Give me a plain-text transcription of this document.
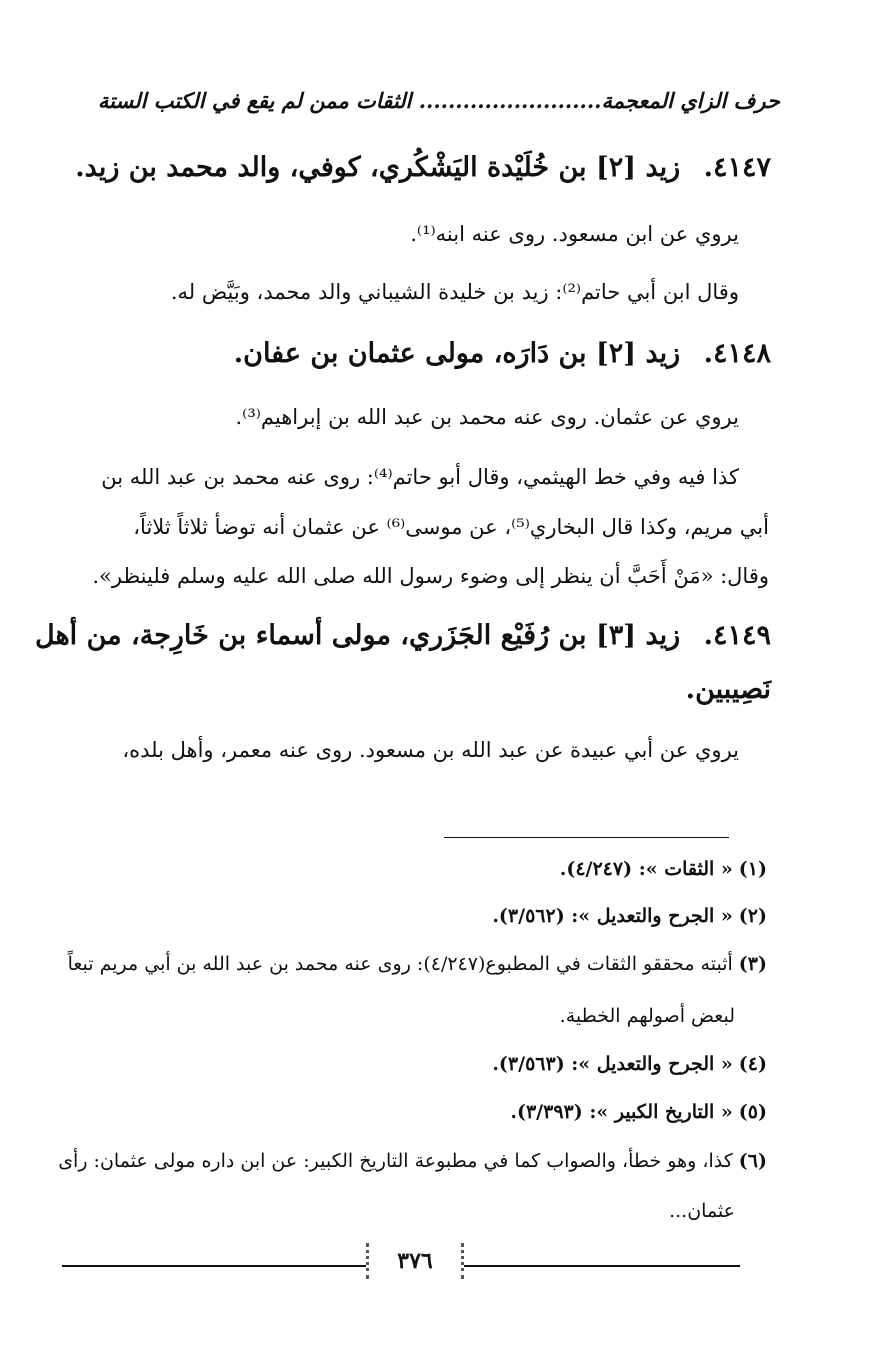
حرف الزاي المعجمة......................... الثقات ممن لم يقع في الكتب الستة
٤١٤٧. زيد [٢] بن خُلَيْدة اليَشْكُري، كوفي، والد محمد بن زيد.
يروي عن ابن مسعود. روى عنه ابنه⁽¹⁾.
وقال ابن أبي حاتم⁽²⁾: زيد بن خليدة الشيباني والد محمد، وبَيَّض له.
٤١٤٨. زيد [٢] بن دَارَه، مولى عثمان بن عفان.
يروي عن عثمان. روى عنه محمد بن عبد الله بن إبراهيم⁽³⁾.
كذا فيه وفي خط الهيثمي، وقال أبو حاتم⁽⁴⁾: روى عنه محمد بن عبد الله بن
أبي مريم، وكذا قال البخاري⁽⁵⁾، عن موسى⁽⁶⁾ عن عثمان أنه توضأ ثلاثاً ثلاثاً،
وقال: «مَنْ أَحَبَّ أن ينظر إلى وضوء رسول الله صلى الله عليه وسلم فلينظر».
٤١٤٩. زيد [٣] بن رُفَيْع الجَزَري، مولى أسماء بن خَارِجة، من أهل
نَصِيبين.
يروي عن أبي عبيدة عن عبد الله بن مسعود. روى عنه معمر، وأهل بلده،
(١)« الثقات »: (٤/٢٤٧).
(٢)« الجرح والتعديل »: (٣/٥٦٢).
(٣)أثبته محققو الثقات في المطبوع(٤/٢٤٧): روى عنه محمد بن عبد الله بن أبي مريم تبعاً
لبعض أصولهم الخطية.
(٤)« الجرح والتعديل »: (٣/٥٦٣).
(٥)« التاريخ الكبير »: (٣/٣٩٣).
(٦)كذا، وهو خطأ، والصواب كما في مطبوعة التاريخ الكبير: عن ابن داره مولى عثمان: رأى
عثمان...
٣٧٦
